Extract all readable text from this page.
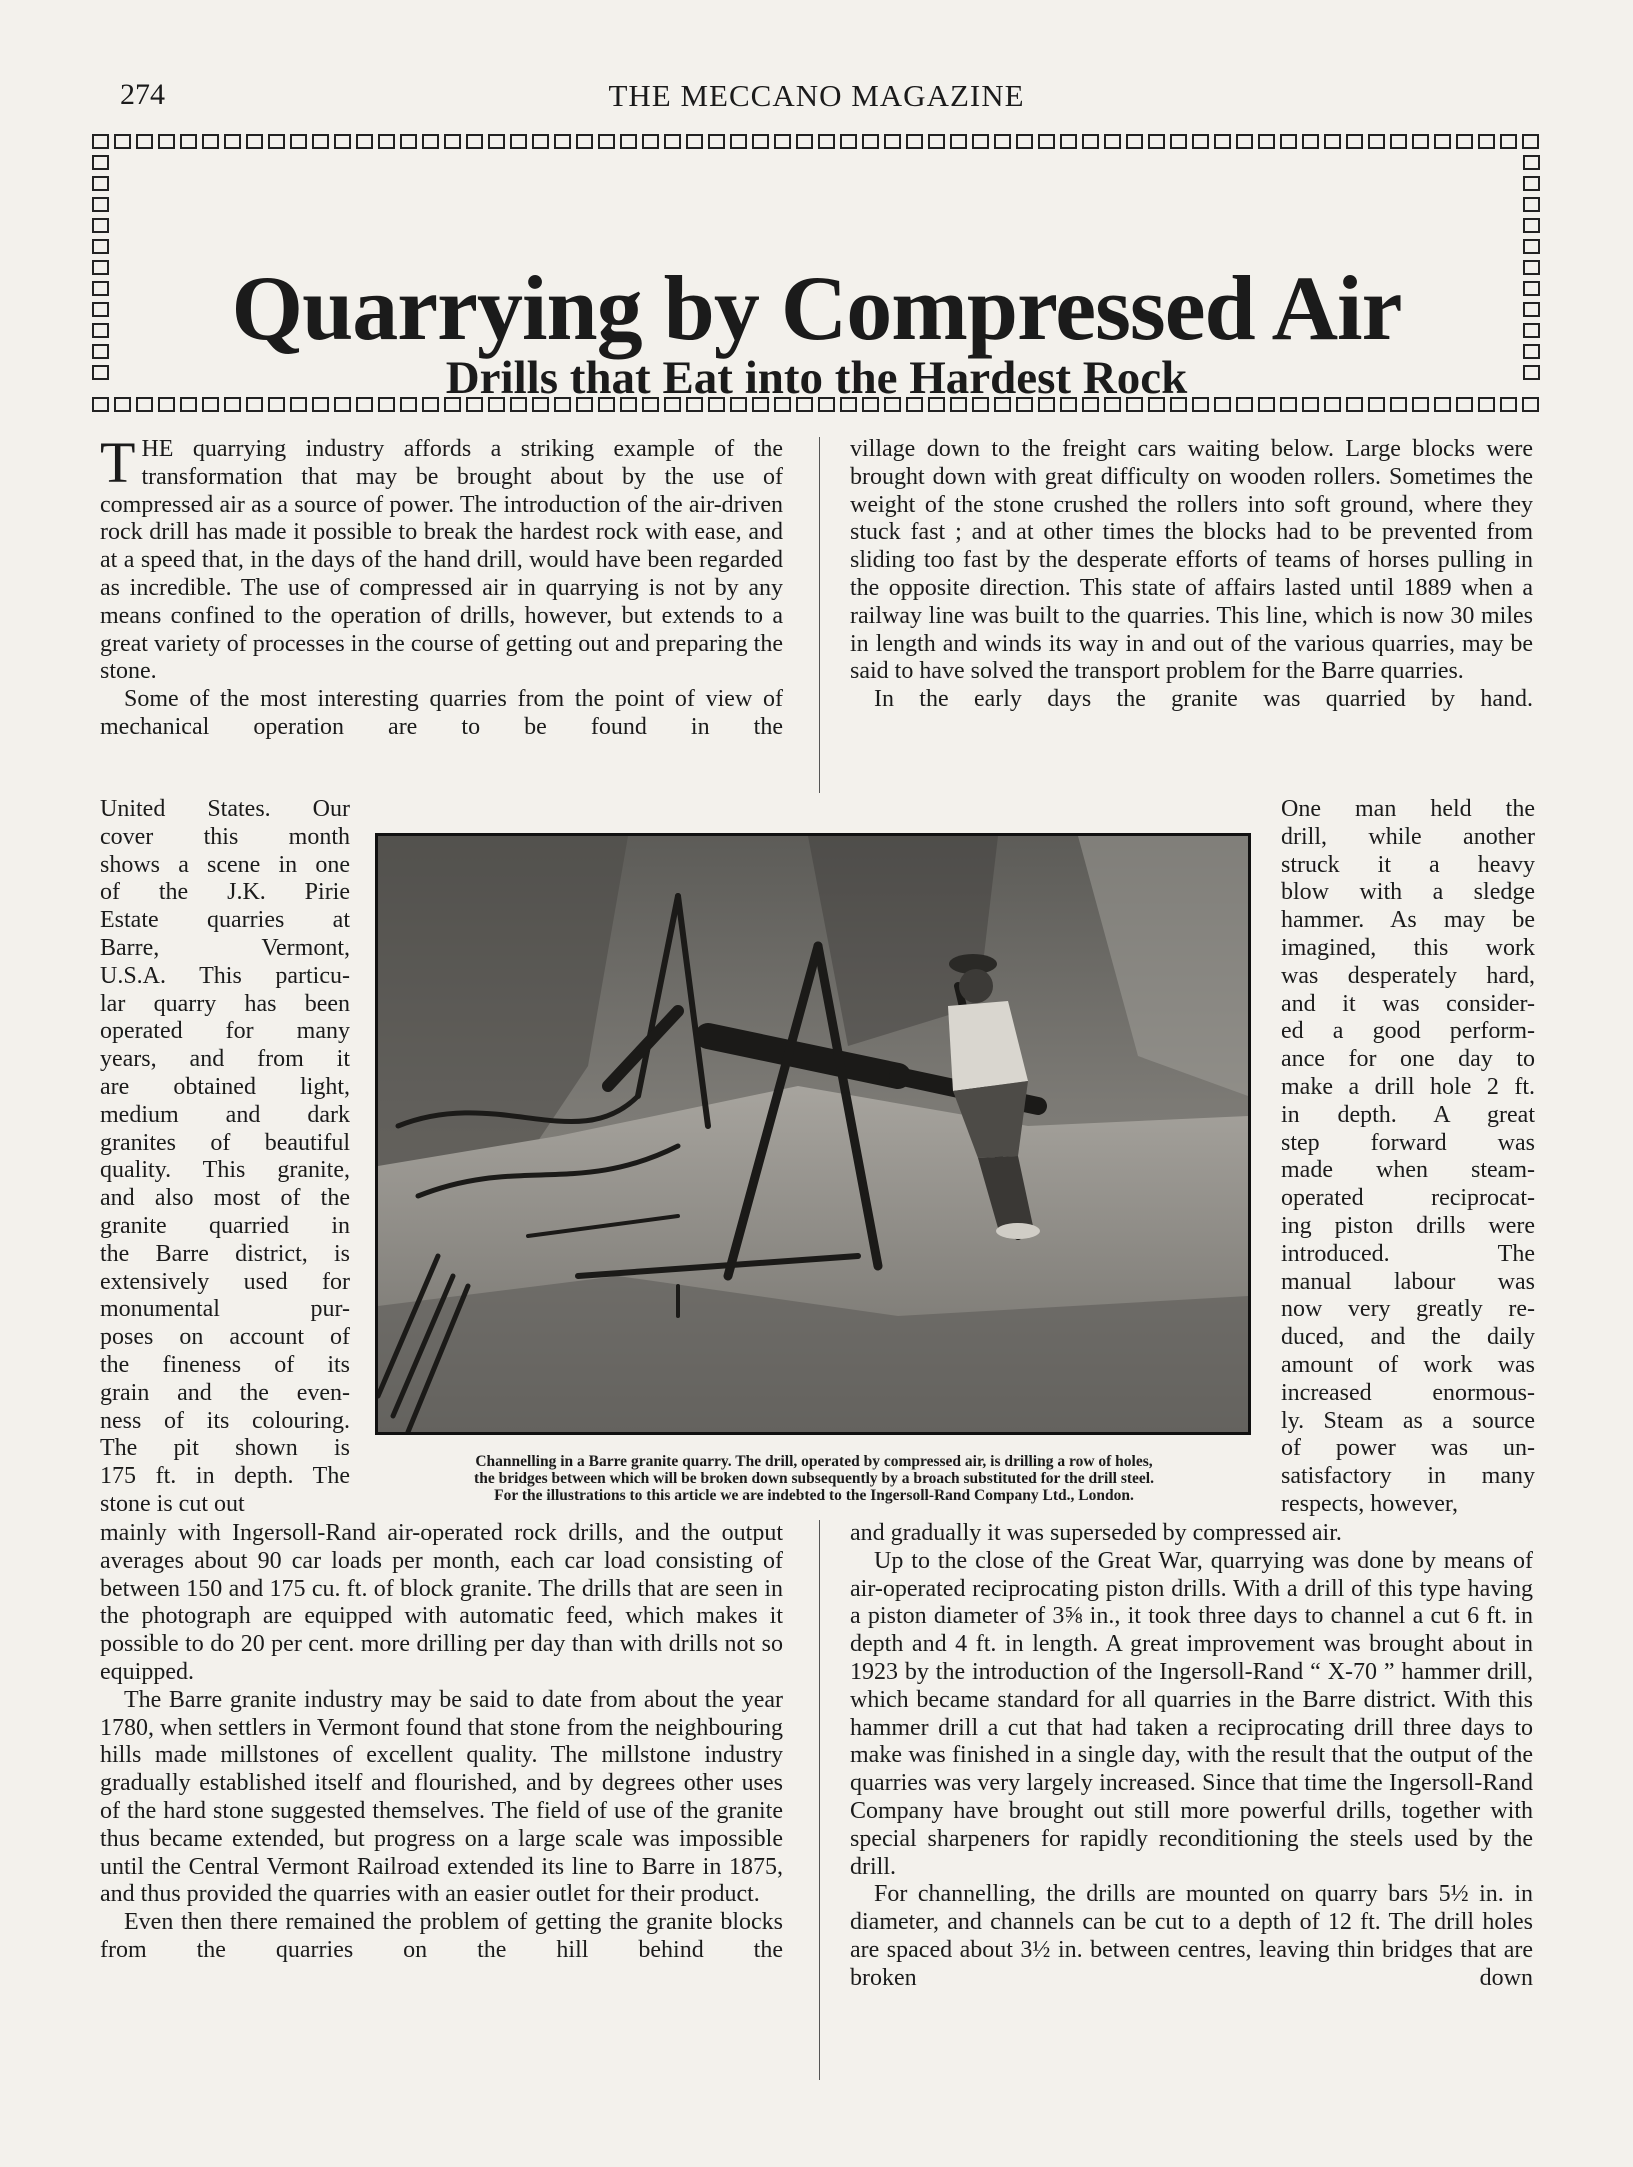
274	THE MECCANO MAGAZINE
Quarrying by Compressed Air
Drills that Eat into the Hardest Rock

THE quarrying industry affords a striking example of the transformation that may be brought about by the use of compressed air as a source of power. The introduction of the air-driven rock drill has made it possible to break the hardest rock with ease, and at a speed that, in the days of the hand drill, would have been regarded as incredible. The use of compressed air in quarrying is not by any means confined to the operation of drills, however, but extends to a great variety of processes in the course of getting out and preparing the stone.

Some of the most interesting quarries from the point of view of mechanical operation are to be found in the

United States. Our
cover this month
shows a scene in one
of the J.K. Pirie
Estate quarries at
Barre, Vermont,
U.S.A. This particu-
lar quarry has been
operated for many
years, and from it
are obtained light,
medium and dark
granites of beautiful
quality. This granite,
and also most of the
granite quarried in
the Barre district, is
extensively used for
monumental pur-
poses on account of
the fineness of its
grain and the even-
ness of its colouring.
The pit shown is
175 ft. in depth. The
stone is cut out
One man held the
drill, while another
struck it a heavy
blow with a sledge
hammer. As may be
imagined, this work
was desperately hard,
and it was consider-
ed a good perform-
ance for one day to
make a drill hole 2 ft.
in depth. A great
step forward was
made when steam-
operated reciprocat-
ing piston drills were
introduced. The
manual labour was
now very greatly re-
duced, and the daily
amount of work was
increased enormous-
ly. Steam as a source
of power was un-
satisfactory in many
respects, however,
Channelling in a Barre granite quarry. The drill, operated by compressed air, is drilling a row of holes,
the bridges between which will be broken down subsequently by a broach substituted for the drill steel.
For the illustrations to this article we are indebted to the Ingersoll-Rand Company Ltd., London.

mainly with Ingersoll-Rand air-operated rock drills, and the output averages about 90 car loads per month, each car load consisting of between 150 and 175 cu. ft. of block granite. The drills that are seen in the photograph are equipped with automatic feed, which makes it possible to do 20 per cent. more drilling per day than with drills not so equipped.

The Barre granite industry may be said to date from about the year 1780, when settlers in Vermont found that stone from the neighbouring hills made millstones of excellent quality. The millstone industry gradually established itself and flourished, and by degrees other uses of the hard stone suggested themselves. The field of use of the granite thus became extended, but progress on a large scale was impossible until the Central Vermont Railroad extended its line to Barre in 1875, and thus provided the quarries with an easier outlet for their product.

Even then there remained the problem of getting the granite blocks from the quarries on the hill behind the

village down to the freight cars waiting below. Large blocks were brought down with great difficulty on wooden rollers. Sometimes the weight of the stone crushed the rollers into soft ground, where they stuck fast ; and at other times the blocks had to be prevented from sliding too fast by the desperate efforts of teams of horses pulling in the opposite direction. This state of affairs lasted until 1889 when a railway line was built to the quarries. This line, which is now 30 miles in length and winds its way in and out of the various quarries, may be said to have solved the transport problem for the Barre quarries.

In the early days the granite was quarried by hand.

and gradually it was superseded by compressed air.

Up to the close of the Great War, quarrying was done by means of air-operated reciprocating piston drills. With a drill of this type having a piston diameter of 3⅝ in., it took three days to channel a cut 6 ft. in depth and 4 ft. in length. A great improvement was brought about in 1923 by the introduction of the Ingersoll-Rand “ X-70 ” hammer drill, which became standard for all quarries in the Barre district. With this hammer drill a cut that had taken a reciprocating drill three days to make was finished in a single day, with the result that the output of the quarries was very largely increased. Since that time the Ingersoll-Rand Company have brought out still more powerful drills, together with special sharpeners for rapidly reconditioning the steels used by the drill.

For channelling, the drills are mounted on quarry bars 5½ in. in diameter, and channels can be cut to a depth of 12 ft. The drill holes are spaced about 3½ in. between centres, leaving thin bridges that are broken down
